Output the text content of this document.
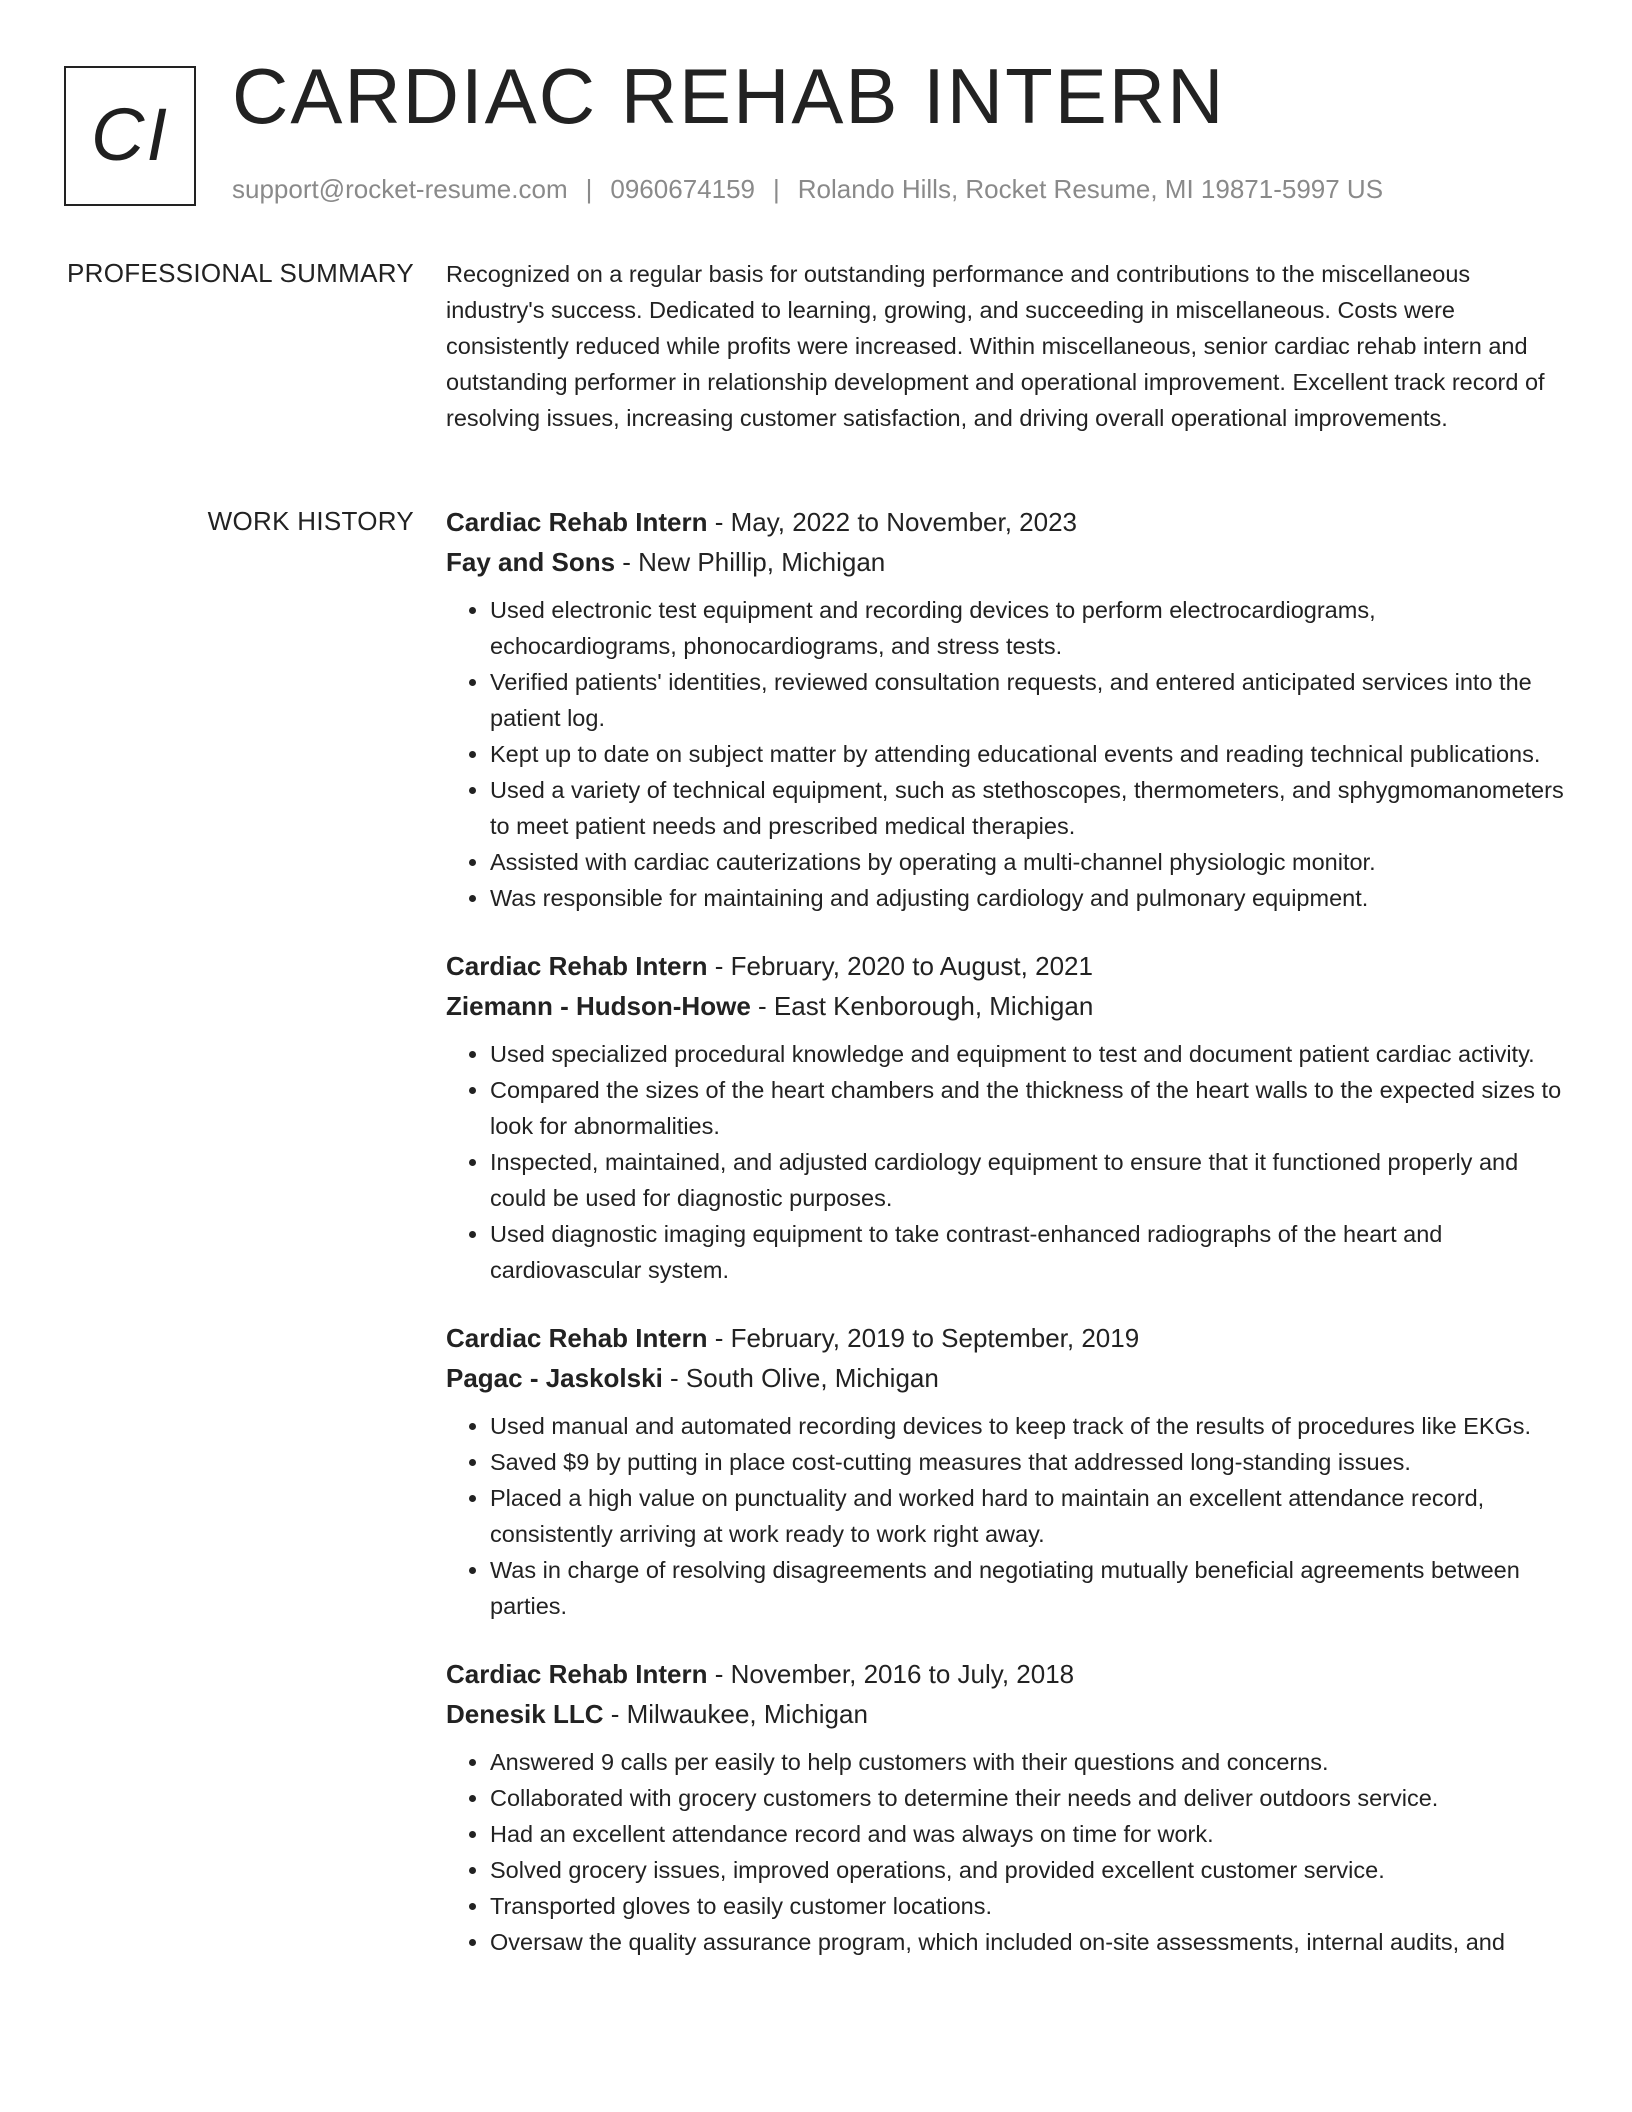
CI CARDIAC REHAB INTERN
support@rocket-resume.com | 0960674159 | Rolando Hills, Rocket Resume, MI 19871-5997 US
PROFESSIONAL SUMMARY Recognized on a regular basis for outstanding performance and contributions to the miscellaneous industry's success. Dedicated to learning, growing, and succeeding in miscellaneous. Costs were consistently reduced while profits were increased. Within miscellaneous, senior cardiac rehab intern and outstanding performer in relationship development and operational improvement. Excellent track record of resolving issues, increasing customer satisfaction, and driving overall operational improvements.

WORK HISTORY Cardiac Rehab Intern - May, 2022 to November, 2023
Fay and Sons - New Phillip, Michigan
• Used electronic test equipment and recording devices to perform electrocardiograms, echocardiograms, phonocardiograms, and stress tests.
• Verified patients' identities, reviewed consultation requests, and entered anticipated services into the patient log.
• Kept up to date on subject matter by attending educational events and reading technical publications.
• Used a variety of technical equipment, such as stethoscopes, thermometers, and sphygmomanometers to meet patient needs and prescribed medical therapies.
• Assisted with cardiac cauterizations by operating a multi-channel physiologic monitor.
• Was responsible for maintaining and adjusting cardiology and pulmonary equipment.
Cardiac Rehab Intern - February, 2020 to August, 2021
Ziemann - Hudson-Howe - East Kenborough, Michigan
• Used specialized procedural knowledge and equipment to test and document patient cardiac activity.
• Compared the sizes of the heart chambers and the thickness of the heart walls to the expected sizes to look for abnormalities.
• Inspected, maintained, and adjusted cardiology equipment to ensure that it functioned properly and could be used for diagnostic purposes.
• Used diagnostic imaging equipment to take contrast-enhanced radiographs of the heart and cardiovascular system.
Cardiac Rehab Intern - February, 2019 to September, 2019
Pagac - Jaskolski - South Olive, Michigan
• Used manual and automated recording devices to keep track of the results of procedures like EKGs.
• Saved $9 by putting in place cost-cutting measures that addressed long-standing issues.
• Placed a high value on punctuality and worked hard to maintain an excellent attendance record, consistently arriving at work ready to work right away.
• Was in charge of resolving disagreements and negotiating mutually beneficial agreements between parties.
Cardiac Rehab Intern - November, 2016 to July, 2018
Denesik LLC - Milwaukee, Michigan
• Answered 9 calls per easily to help customers with their questions and concerns.
• Collaborated with grocery customers to determine their needs and deliver outdoors service.
• Had an excellent attendance record and was always on time for work.
• Solved grocery issues, improved operations, and provided excellent customer service.
• Transported gloves to easily customer locations.
• Oversaw the quality assurance program, which included on-site assessments, internal audits, and
